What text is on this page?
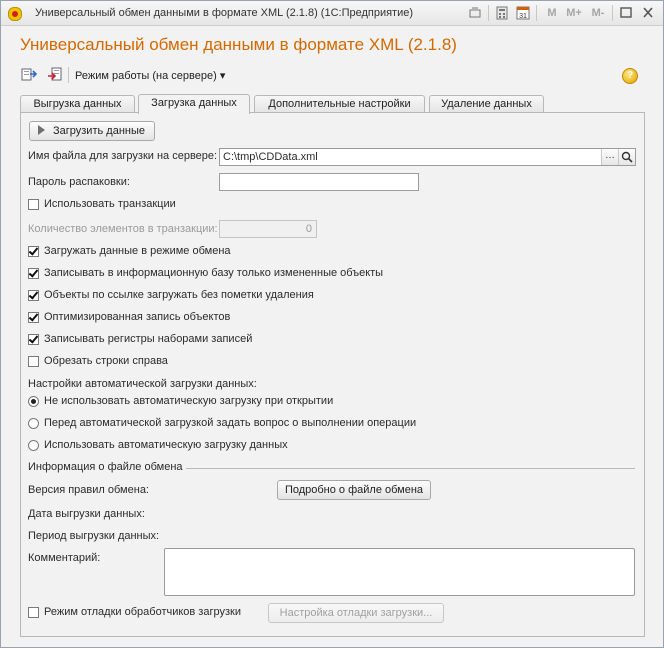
Универсальный обмен данными в формате XML (2.1.8) (1С:Предприятие)	31 M M+ M-
Универсальный обмен данными в формате XML (2.1.8)
Режим работы (на сервере) ▾	?
Выгрузка данных	Загрузка данных	Дополнительные настройки	Удаление данных
Загрузить данные
Имя файла для загрузки на сервере: C:\tmp\CDData.xml	…
Пароль распаковки:
Использовать транзакции
Количество элементов в транзакции:	0
Загружать данные в режиме обмена
Записывать в информационную базу только измененные объекты
Объекты по ссылке загружать без пометки удаления
Оптимизированная запись объектов
Записывать регистры наборами записей
Обрезать строки справа
Настройки автоматической загрузки данных:
Не использовать автоматическую загрузку при открытии
Перед автоматической загрузкой задать вопрос о выполнении операции
Использовать автоматическую загрузку данных
Информация о файле обмена
Версия правил обмена:	Подробно о файле обмена
Дата выгрузки данных:
Период выгрузки данных:
Комментарий:
Режим отладки обработчиков загрузки	Настройка отладки загрузки...
